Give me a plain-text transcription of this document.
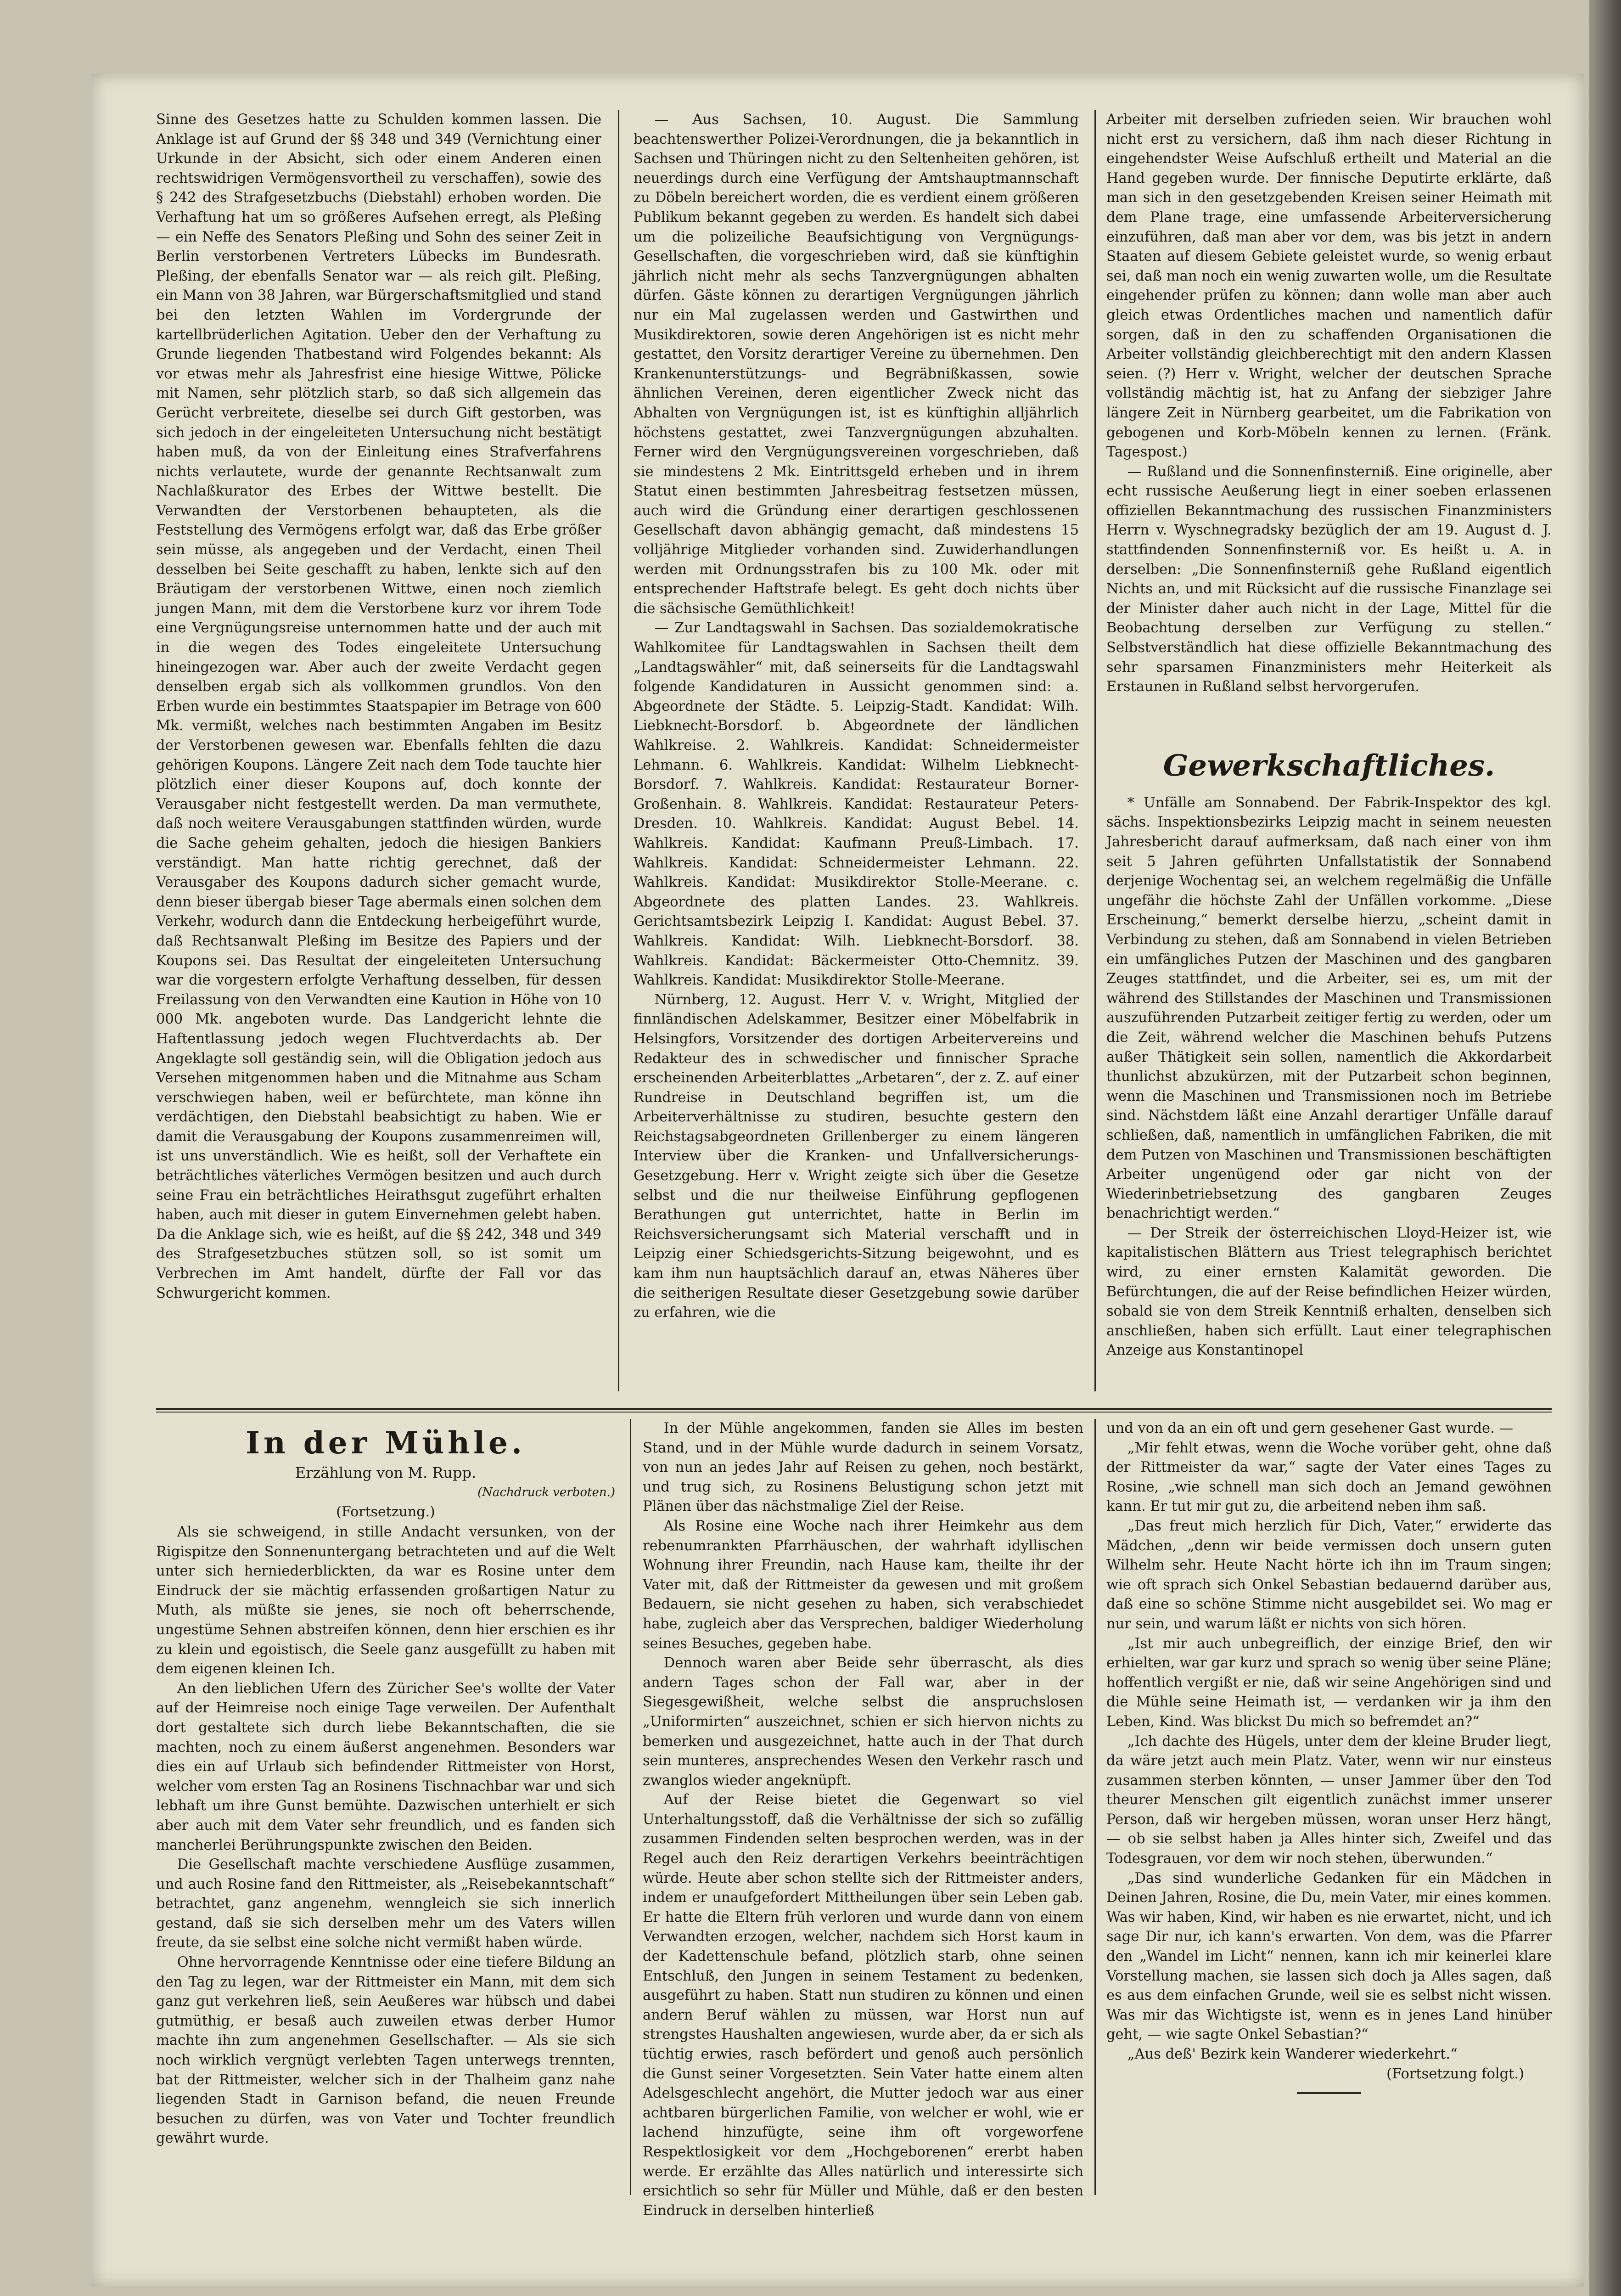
Sinne des Gesetzes hatte zu Schulden kommen lassen. Die Anklage ist auf Grund der §§ 348 und 349 (Vernichtung einer Urkunde in der Absicht, sich oder einem Anderen einen rechtswidrigen Vermögensvortheil zu verschaffen), sowie des § 242 des Strafgesetzbuchs (Diebstahl) erhoben worden. Die Verhaftung hat um so größeres Aufsehen erregt, als Pleßing — ein Neffe des Senators Pleßing und Sohn des seiner Zeit in Berlin verstorbenen Vertreters Lübecks im Bundesrath. Pleßing, der ebenfalls Senator war — als reich gilt. Pleßing, ein Mann von 38 Jahren, war Bürgerschaftsmitglied und stand bei den letzten Wahlen im Vordergrunde der kartellbrüderlichen Agitation. Ueber den der Verhaftung zu Grunde liegenden Thatbestand wird Folgendes bekannt: Als vor etwas mehr als Jahresfrist eine hiesige Wittwe, Pölicke mit Namen, sehr plötzlich starb, so daß sich allgemein das Gerücht verbreitete, dieselbe sei durch Gift gestorben, was sich jedoch in der eingeleiteten Untersuchung nicht bestätigt haben muß, da von der Einleitung eines Strafverfahrens nichts verlautete, wurde der genannte Rechtsanwalt zum Nachlaßkurator des Erbes der Wittwe bestellt. Die Verwandten der Verstorbenen behaupteten, als die Feststellung des Vermögens erfolgt war, daß das Erbe größer sein müsse, als angegeben und der Verdacht, einen Theil desselben bei Seite geschafft zu haben, lenkte sich auf den Bräutigam der verstorbenen Wittwe, einen noch ziemlich jungen Mann, mit dem die Verstorbene kurz vor ihrem Tode eine Vergnügungsreise unternommen hatte und der auch mit in die wegen des Todes eingeleitete Untersuchung hineingezogen war. Aber auch der zweite Verdacht gegen denselben ergab sich als vollkommen grundlos. Von den Erben wurde ein bestimmtes Staatspapier im Betrage von 600 Mk. vermißt, welches nach bestimmten Angaben im Besitz der Verstorbenen gewesen war. Ebenfalls fehlten die dazu gehörigen Koupons. Längere Zeit nach dem Tode tauchte hier plötzlich einer dieser Koupons auf, doch konnte der Verausgaber nicht festgestellt werden. Da man vermuthete, daß noch weitere Verausgabungen stattfinden würden, wurde die Sache geheim gehalten, jedoch die hiesigen Bankiers verständigt. Man hatte richtig gerechnet, daß der Verausgaber des Koupons dadurch sicher gemacht wurde, denn bieser übergab bieser Tage abermals einen solchen dem Verkehr, wodurch dann die Entdeckung herbeigeführt wurde, daß Rechtsanwalt Pleßing im Besitze des Papiers und der Koupons sei. Das Resultat der eingeleiteten Untersuchung war die vorgestern erfolgte Verhaftung desselben, für dessen Freilassung von den Verwandten eine Kaution in Höhe von 10 000 Mk. angeboten wurde. Das Landgericht lehnte die Haftentlassung jedoch wegen Fluchtverdachts ab. Der Angeklagte soll geständig sein, will die Obligation jedoch aus Versehen mitgenommen haben und die Mitnahme aus Scham verschwiegen haben, weil er befürchtete, man könne ihn verdächtigen, den Diebstahl beabsichtigt zu haben. Wie er damit die Verausgabung der Koupons zusammenreimen will, ist uns unverständlich. Wie es heißt, soll der Verhaftete ein beträchtliches väterliches Vermögen besitzen und auch durch seine Frau ein beträchtliches Heirathsgut zugeführt erhalten haben, auch mit dieser in gutem Einvernehmen gelebt haben. Da die Anklage sich, wie es heißt, auf die §§ 242, 348 und 349 des Strafgesetzbuches stützen soll, so ist somit um Verbrechen im Amt handelt, dürfte der Fall vor das Schwurgericht kommen.

— Aus Sachsen, 10. August. Die Sammlung beachtenswerther Polizei-Verordnungen, die ja bekanntlich in Sachsen und Thüringen nicht zu den Seltenheiten gehören, ist neuerdings durch eine Verfügung der Amtshauptmannschaft zu Döbeln bereichert worden, die es verdient einem größeren Publikum bekannt gegeben zu werden. Es handelt sich dabei um die polizeiliche Beaufsichtigung von Vergnügungs-Gesellschaften, die vorgeschrieben wird, daß sie künftighin jährlich nicht mehr als sechs Tanzvergnügungen abhalten dürfen. Gäste können zu derartigen Vergnügungen jährlich nur ein Mal zugelassen werden und Gastwirthen und Musikdirektoren, sowie deren Angehörigen ist es nicht mehr gestattet, den Vorsitz derartiger Vereine zu übernehmen. Den Krankenunterstützungs- und Begräbnißkassen, sowie ähnlichen Vereinen, deren eigentlicher Zweck nicht das Abhalten von Vergnügungen ist, ist es künftighin alljährlich höchstens gestattet, zwei Tanzvergnügungen abzuhalten. Ferner wird den Vergnügungsvereinen vorgeschrieben, daß sie mindestens 2 Mk. Eintrittsgeld erheben und in ihrem Statut einen bestimmten Jahresbeitrag festsetzen müssen, auch wird die Gründung einer derartigen geschlossenen Gesellschaft davon abhängig gemacht, daß mindestens 15 volljährige Mitglieder vorhanden sind. Zuwiderhandlungen werden mit Ordnungsstrafen bis zu 100 Mk. oder mit entsprechender Haftstrafe belegt. Es geht doch nichts über die sächsische Gemüthlichkeit!

— Zur Landtagswahl in Sachsen. Das sozialdemokratische Wahlkomitee für Landtagswahlen in Sachsen theilt dem „Landtagswähler“ mit, daß seinerseits für die Landtagswahl folgende Kandidaturen in Aussicht genommen sind: a. Abgeordnete der Städte. 5. Leipzig-Stadt. Kandidat: Wilh. Liebknecht-Borsdorf. b. Abgeordnete der ländlichen Wahlkreise. 2. Wahlkreis. Kandidat: Schneidermeister Lehmann. 6. Wahlkreis. Kandidat: Wilhelm Liebknecht-Borsdorf. 7. Wahlkreis. Kandidat: Restaurateur Borner-Großenhain. 8. Wahlkreis. Kandidat: Restaurateur Peters-Dresden. 10. Wahlkreis. Kandidat: August Bebel. 14. Wahlkreis. Kandidat: Kaufmann Preuß-Limbach. 17. Wahlkreis. Kandidat: Schneidermeister Lehmann. 22. Wahlkreis. Kandidat: Musikdirektor Stolle-Meerane. c. Abgeordnete des platten Landes. 23. Wahlkreis. Gerichtsamtsbezirk Leipzig I. Kandidat: August Bebel. 37. Wahlkreis. Kandidat: Wilh. Liebknecht-Borsdorf. 38. Wahlkreis. Kandidat: Bäckermeister Otto-Chemnitz. 39. Wahlkreis. Kandidat: Musikdirektor Stolle-Meerane.

Nürnberg, 12. August. Herr V. v. Wright, Mitglied der finnländischen Adelskammer, Besitzer einer Möbelfabrik in Helsingfors, Vorsitzender des dortigen Arbeitervereins und Redakteur des in schwedischer und finnischer Sprache erscheinenden Arbeiterblattes „Arbetaren“, der z. Z. auf einer Rundreise in Deutschland begriffen ist, um die Arbeiterverhältnisse zu studiren, besuchte gestern den Reichstagsabgeordneten Grillenberger zu einem längeren Interview über die Kranken- und Unfallversicherungs-Gesetzgebung. Herr v. Wright zeigte sich über die Gesetze selbst und die nur theilweise Einführung gepflogenen Berathungen gut unterrichtet, hatte in Berlin im Reichsversicherungsamt sich Material verschafft und in Leipzig einer Schiedsgerichts-Sitzung beigewohnt, und es kam ihm nun hauptsächlich darauf an, etwas Näheres über die seitherigen Resultate dieser Gesetzgebung sowie darüber zu erfahren, wie die

Arbeiter mit derselben zufrieden seien. Wir brauchen wohl nicht erst zu versichern, daß ihm nach dieser Richtung in eingehendster Weise Aufschluß ertheilt und Material an die Hand gegeben wurde. Der finnische Deputirte erklärte, daß man sich in den gesetzgebenden Kreisen seiner Heimath mit dem Plane trage, eine umfassende Arbeiterversicherung einzuführen, daß man aber vor dem, was bis jetzt in andern Staaten auf diesem Gebiete geleistet wurde, so wenig erbaut sei, daß man noch ein wenig zuwarten wolle, um die Resultate eingehender prüfen zu können; dann wolle man aber auch gleich etwas Ordentliches machen und namentlich dafür sorgen, daß in den zu schaffenden Organisationen die Arbeiter vollständig gleichberechtigt mit den andern Klassen seien. (?) Herr v. Wright, welcher der deutschen Sprache vollständig mächtig ist, hat zu Anfang der siebziger Jahre längere Zeit in Nürnberg gearbeitet, um die Fabrikation von gebogenen und Korb-Möbeln kennen zu lernen. (Fränk. Tagespost.)

— Rußland und die Sonnenfinsterniß. Eine originelle, aber echt russische Aeußerung liegt in einer soeben erlassenen offiziellen Bekanntmachung des russischen Finanzministers Herrn v. Wyschnegradsky bezüglich der am 19. August d. J. stattfindenden Sonnenfinsterniß vor. Es heißt u. A. in derselben: „Die Sonnenfinsterniß gehe Rußland eigentlich Nichts an, und mit Rücksicht auf die russische Finanzlage sei der Minister daher auch nicht in der Lage, Mittel für die Beobachtung derselben zur Verfügung zu stellen.“ Selbstverständlich hat diese offizielle Bekanntmachung des sehr sparsamen Finanzministers mehr Heiterkeit als Erstaunen in Rußland selbst hervorgerufen.

Gewerkschaftliches.

* Unfälle am Sonnabend. Der Fabrik-Inspektor des kgl. sächs. Inspektionsbezirks Leipzig macht in seinem neuesten Jahresbericht darauf aufmerksam, daß nach einer von ihm seit 5 Jahren geführten Unfallstatistik der Sonnabend derjenige Wochentag sei, an welchem regelmäßig die Unfälle ungefähr die höchste Zahl der Unfällen vorkomme. „Diese Erscheinung,“ bemerkt derselbe hierzu, „scheint damit in Verbindung zu stehen, daß am Sonnabend in vielen Betrieben ein umfängliches Putzen der Maschinen und des gangbaren Zeuges stattfindet, und die Arbeiter, sei es, um mit der während des Stillstandes der Maschinen und Transmissionen auszuführenden Putzarbeit zeitiger fertig zu werden, oder um die Zeit, während welcher die Maschinen behufs Putzens außer Thätigkeit sein sollen, namentlich die Akkordarbeit thunlichst abzukürzen, mit der Putzarbeit schon beginnen, wenn die Maschinen und Transmissionen noch im Betriebe sind. Nächstdem läßt eine Anzahl derartiger Unfälle darauf schließen, daß, namentlich in umfänglichen Fabriken, die mit dem Putzen von Maschinen und Transmissionen beschäftigten Arbeiter ungenügend oder gar nicht von der Wiederinbetriebsetzung des gangbaren Zeuges benachrichtigt werden.“

— Der Streik der österreichischen Lloyd-Heizer ist, wie kapitalistischen Blättern aus Triest telegraphisch berichtet wird, zu einer ernsten Kalamität geworden. Die Befürchtungen, die auf der Reise befindlichen Heizer würden, sobald sie von dem Streik Kenntniß erhalten, denselben sich anschließen, haben sich erfüllt. Laut einer telegraphischen Anzeige aus Konstantinopel

In der Mühle.
Erzählung von M. Rupp.
(Nachdruck verboten.)
(Fortsetzung.)

Als sie schweigend, in stille Andacht versunken, von der Rigispitze den Sonnenuntergang betrachteten und auf die Welt unter sich herniederblickten, da war es Rosine unter dem Eindruck der sie mächtig erfassenden großartigen Natur zu Muth, als müßte sie jenes, sie noch oft beherrschende, ungestüme Sehnen abstreifen können, denn hier erschien es ihr zu klein und egoistisch, die Seele ganz ausgefüllt zu haben mit dem eigenen kleinen Ich.

An den lieblichen Ufern des Züricher See's wollte der Vater auf der Heimreise noch einige Tage verweilen. Der Aufenthalt dort gestaltete sich durch liebe Bekanntschaften, die sie machten, noch zu einem äußerst angenehmen. Besonders war dies ein auf Urlaub sich befindender Rittmeister von Horst, welcher vom ersten Tag an Rosinens Tischnachbar war und sich lebhaft um ihre Gunst bemühte. Dazwischen unterhielt er sich aber auch mit dem Vater sehr freundlich, und es fanden sich mancherlei Berührungspunkte zwischen den Beiden.

Die Gesellschaft machte verschiedene Ausflüge zusammen, und auch Rosine fand den Rittmeister, als „Reisebekanntschaft“ betrachtet, ganz angenehm, wenngleich sie sich innerlich gestand, daß sie sich derselben mehr um des Vaters willen freute, da sie selbst eine solche nicht vermißt haben würde.

Ohne hervorragende Kenntnisse oder eine tiefere Bildung an den Tag zu legen, war der Rittmeister ein Mann, mit dem sich ganz gut verkehren ließ, sein Aeußeres war hübsch und dabei gutmüthig, er besaß auch zuweilen etwas derber Humor machte ihn zum angenehmen Gesellschafter. — Als sie sich noch wirklich vergnügt verlebten Tagen unterwegs trennten, bat der Rittmeister, welcher sich in der Thalheim ganz nahe liegenden Stadt in Garnison befand, die neuen Freunde besuchen zu dürfen, was von Vater und Tochter freundlich gewährt wurde.

In der Mühle angekommen, fanden sie Alles im besten Stand, und in der Mühle wurde dadurch in seinem Vorsatz, von nun an jedes Jahr auf Reisen zu gehen, noch bestärkt, und trug sich, zu Rosinens Belustigung schon jetzt mit Plänen über das nächstmalige Ziel der Reise.

Als Rosine eine Woche nach ihrer Heimkehr aus dem rebenumrankten Pfarrhäuschen, der wahrhaft idyllischen Wohnung ihrer Freundin, nach Hause kam, theilte ihr der Vater mit, daß der Rittmeister da gewesen und mit großem Bedauern, sie nicht gesehen zu haben, sich verabschiedet habe, zugleich aber das Versprechen, baldiger Wiederholung seines Besuches, gegeben habe.

Dennoch waren aber Beide sehr überrascht, als dies andern Tages schon der Fall war, aber in der Siegesgewißheit, welche selbst die anspruchslosen „Uniformirten“ auszeichnet, schien er sich hiervon nichts zu bemerken und ausgezeichnet, hatte auch in der That durch sein munteres, ansprechendes Wesen den Verkehr rasch und zwanglos wieder angeknüpft.

Auf der Reise bietet die Gegenwart so viel Unterhaltungsstoff, daß die Verhältnisse der sich so zufällig zusammen Findenden selten besprochen werden, was in der Regel auch den Reiz derartigen Verkehrs beeinträchtigen würde. Heute aber schon stellte sich der Rittmeister anders, indem er unaufgefordert Mittheilungen über sein Leben gab. Er hatte die Eltern früh verloren und wurde dann von einem Verwandten erzogen, welcher, nachdem sich Horst kaum in der Kadettenschule befand, plötzlich starb, ohne seinen Entschluß, den Jungen in seinem Testament zu bedenken, ausgeführt zu haben. Statt nun studiren zu können und einen andern Beruf wählen zu müssen, war Horst nun auf strengstes Haushalten angewiesen, wurde aber, da er sich als tüchtig erwies, rasch befördert und genoß auch persönlich die Gunst seiner Vorgesetzten. Sein Vater hatte einem alten Adelsgeschlecht angehört, die Mutter jedoch war aus einer achtbaren bürgerlichen Familie, von welcher er wohl, wie er lachend hinzufügte, seine ihm oft vorgeworfene Respektlosigkeit vor dem „Hochgeborenen“ ererbt haben werde. Er erzählte das Alles natürlich und interessirte sich ersichtlich so sehr für Müller und Mühle, daß er den besten Eindruck in derselben hinterließ

und von da an ein oft und gern gesehener Gast wurde. —

„Mir fehlt etwas, wenn die Woche vorüber geht, ohne daß der Rittmeister da war,“ sagte der Vater eines Tages zu Rosine, „wie schnell man sich doch an Jemand gewöhnen kann. Er tut mir gut zu, die arbeitend neben ihm saß.

„Das freut mich herzlich für Dich, Vater,“ erwiderte das Mädchen, „denn wir beide vermissen doch unsern guten Wilhelm sehr. Heute Nacht hörte ich ihn im Traum singen; wie oft sprach sich Onkel Sebastian bedauernd darüber aus, daß eine so schöne Stimme nicht ausgebildet sei. Wo mag er nur sein, und warum läßt er nichts von sich hören.

„Ist mir auch unbegreiflich, der einzige Brief, den wir erhielten, war gar kurz und sprach so wenig über seine Pläne; hoffentlich vergißt er nie, daß wir seine Angehörigen sind und die Mühle seine Heimath ist, — verdanken wir ja ihm den Leben, Kind. Was blickst Du mich so befremdet an?“

„Ich dachte des Hügels, unter dem der kleine Bruder liegt, da wäre jetzt auch mein Platz. Vater, wenn wir nur einsteus zusammen sterben könnten, — unser Jammer über den Tod theurer Menschen gilt eigentlich zunächst immer unserer Person, daß wir hergeben müssen, woran unser Herz hängt, — ob sie selbst haben ja Alles hinter sich, Zweifel und das Todesgrauen, vor dem wir noch stehen, überwunden.“

„Das sind wunderliche Gedanken für ein Mädchen in Deinen Jahren, Rosine, die Du, mein Vater, mir eines kommen. Was wir haben, Kind, wir haben es nie erwartet, nicht, und ich sage Dir nur, ich kann's erwarten. Von dem, was die Pfarrer den „Wandel im Licht“ nennen, kann ich mir keinerlei klare Vorstellung machen, sie lassen sich doch ja Alles sagen, daß es aus dem einfachen Grunde, weil sie es selbst nicht wissen. Was mir das Wichtigste ist, wenn es in jenes Land hinüber geht, — wie sagte Onkel Sebastian?“

„Aus deß' Bezirk kein Wanderer wiederkehrt.“

(Fortsetzung folgt.)
